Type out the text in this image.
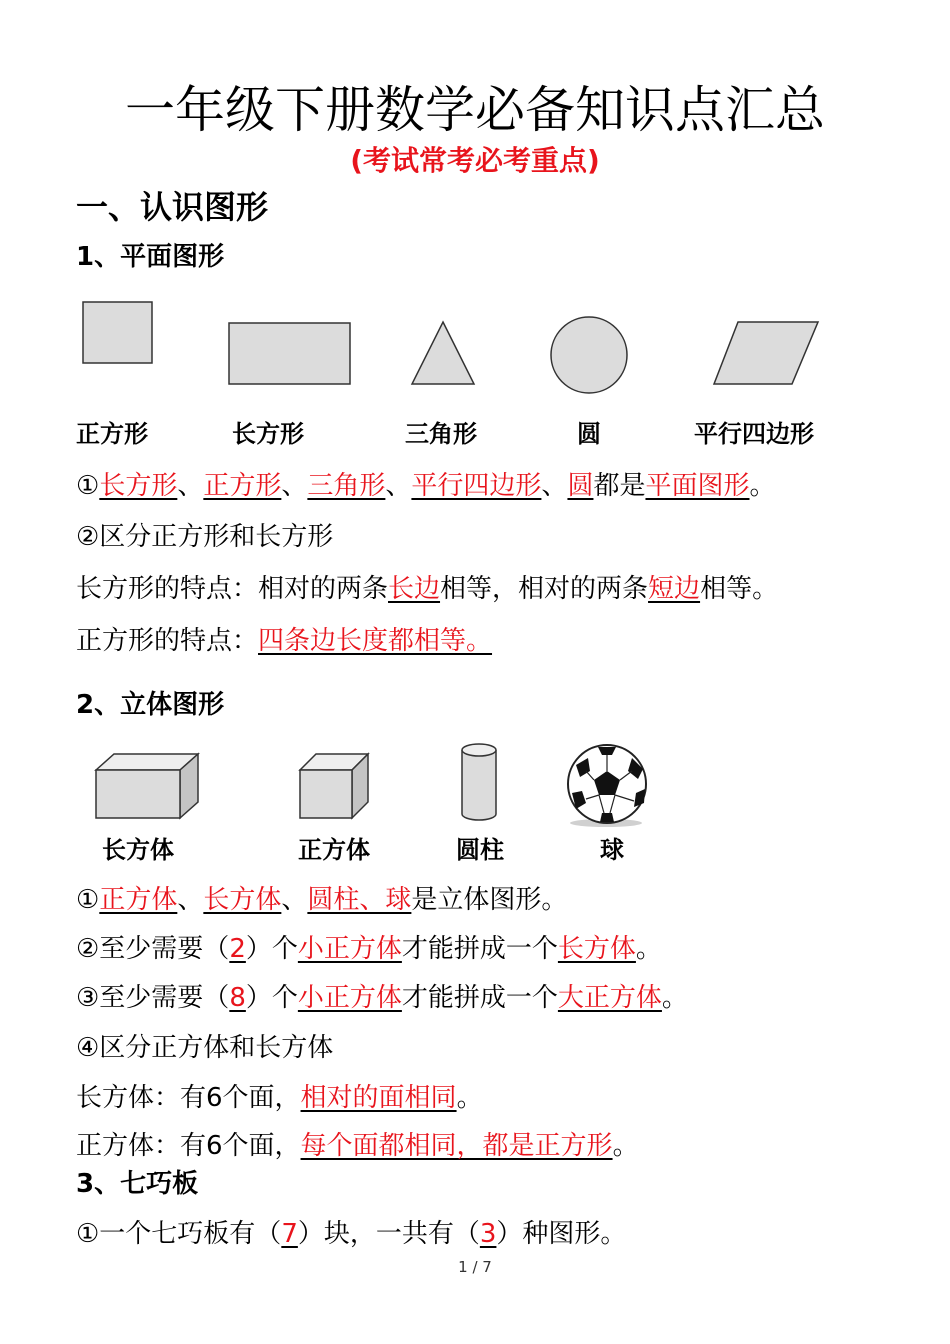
一年级下册数学必备知识点汇总
(考试常考必考重点)
一、认识图形
1、平面图形
正方形	长方形	三角形	圆	平行四边形
①长方形、正方形、三角形、平行四边形、圆都是平面图形。
②区分正方形和长方形
长方形的特点：相对的两条长边相等，相对的两条短边相等。
正方形的特点：四条边长度都相等。
2、立体图形
长方体	正方体	圆柱	球
①正方体、长方体、圆柱、球是立体图形。
②至少需要（2）个小正方体才能拼成一个长方体。
③至少需要（8）个小正方体才能拼成一个大正方体。
④区分正方体和长方体
长方体：有6个面，相对的面相同。
正方体：有6个面，每个面都相同，都是正方形。
3、七巧板
①一个七巧板有（7）块，一共有（3）种图形。
1 / 7
